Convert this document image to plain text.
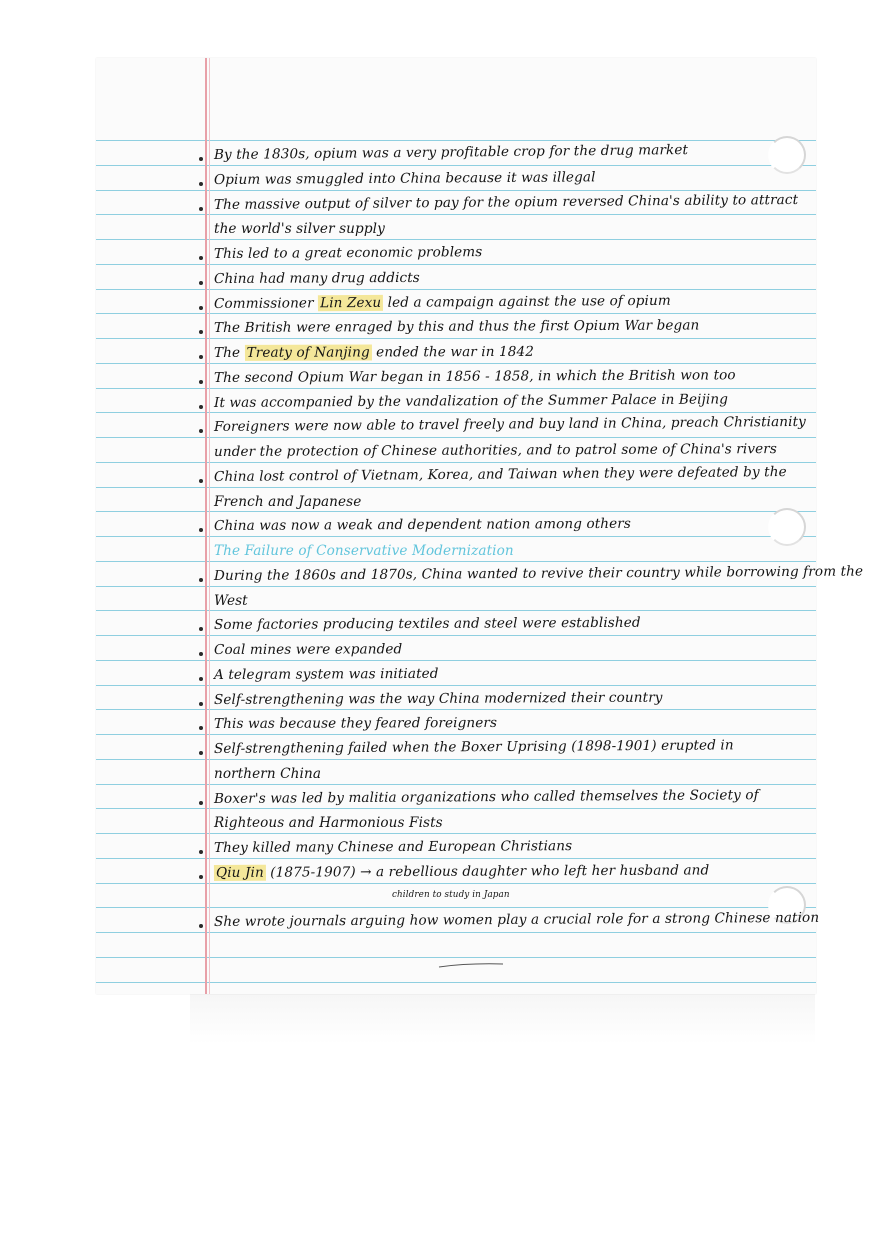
By the 1830s, opium was a very profitable crop for the drug market
Opium was smuggled into China because it was illegal
The massive output of silver to pay for the opium reversed China's ability to attract
the world's silver supply
This led to a great economic problems
China had many drug addicts
Commissioner Lin Zexu led a campaign against the use of opium
The British were enraged by this and thus the first Opium War began
The Treaty of Nanjing ended the war in 1842
The second Opium War began in 1856 - 1858, in which the British won too
It was accompanied by the vandalization of the Summer Palace in Beijing
Foreigners were now able to travel freely and buy land in China, preach Christianity
under the protection of Chinese authorities, and to patrol some of China's rivers
China lost control of Vietnam, Korea, and Taiwan when they were defeated by the
French and Japanese
China was now a weak and dependent nation among others
The Failure of Conservative Modernization
During the 1860s and 1870s, China wanted to revive their country while borrowing from the
West
Some factories producing textiles and steel were established
Coal mines were expanded
A telegram system was initiated
Self-strengthening was the way China modernized their country
This was because they feared foreigners
Self-strengthening failed when the Boxer Uprising (1898-1901) erupted in
northern China
Boxer's was led by malitia organizations who called themselves the Society of
Righteous and Harmonious Fists
They killed many Chinese and European Christians
Qiu Jin (1875-1907) → a rebellious daughter who left her husband and
children to study in Japan
She wrote journals arguing how women play a crucial role for a strong Chinese nation
